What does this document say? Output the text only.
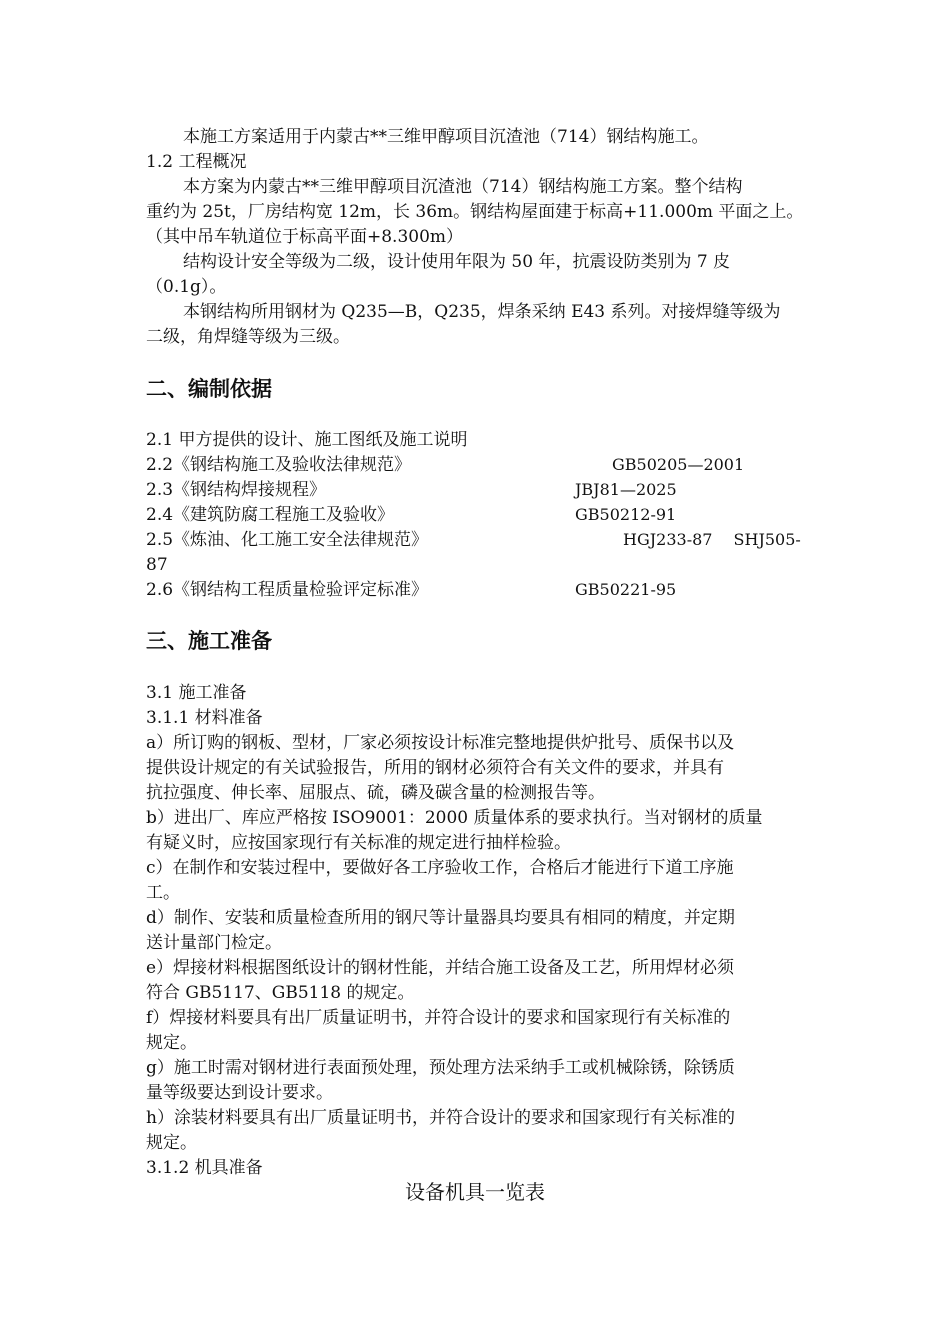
本施工方案适用于内蒙古**三维甲醇项目沉渣池（714）钢结构施工。
1.2 工程概况
本方案为内蒙古**三维甲醇项目沉渣池（714）钢结构施工方案。整个结构
重约为 25t，厂房结构宽 12m，长 36m。钢结构屋面建于标高+11.000m 平面之上。
（其中吊车轨道位于标高平面+8.300m）
结构设计安全等级为二级，设计使用年限为 50 年，抗震设防类别为 7 皮
（0.1g）。
本钢结构所用钢材为 Q235—B，Q235，焊条采纳 E43 系列。对接焊缝等级为
二级，角焊缝等级为三级。
二、编制依据
2.1 甲方提供的设计、施工图纸及施工说明
2.2《钢结构施工及验收法律规范》	GB50205—2001
2.3《钢结构焊接规程》	JBJ81—2025
2.4《建筑防腐工程施工及验收》	GB50212-91
2.5《炼油、化工施工安全法律规范》	HGJ233-87　 SHJ505-
87
2.6《钢结构工程质量检验评定标准》	GB50221-95
三、施工准备
3.1 施工准备
3.1.1 材料准备
a）所订购的钢板、型材，厂家必须按设计标准完整地提供炉批号、质保书以及
提供设计规定的有关试验报告，所用的钢材必须符合有关文件的要求，并具有
抗拉强度、伸长率、屈服点、硫，磷及碳含量的检测报告等。
b）进出厂、库应严格按 ISO9001：2000 质量体系的要求执行。当对钢材的质量
有疑义时，应按国家现行有关标准的规定进行抽样检验。
c）在制作和安装过程中，要做好各工序验收工作，合格后才能进行下道工序施
工。
d）制作、安装和质量检查所用的钢尺等计量器具均要具有相同的精度，并定期
送计量部门检定。
e）焊接材料根据图纸设计的钢材性能，并结合施工设备及工艺，所用焊材必须
符合 GB5117、GB5118 的规定。
f）焊接材料要具有出厂质量证明书，并符合设计的要求和国家现行有关标准的
规定。
g）施工时需对钢材进行表面预处理，预处理方法采纳手工或机械除锈，除锈质
量等级要达到设计要求。
h）涂装材料要具有出厂质量证明书，并符合设计的要求和国家现行有关标准的
规定。
3.1.2 机具准备
设备机具一览表
